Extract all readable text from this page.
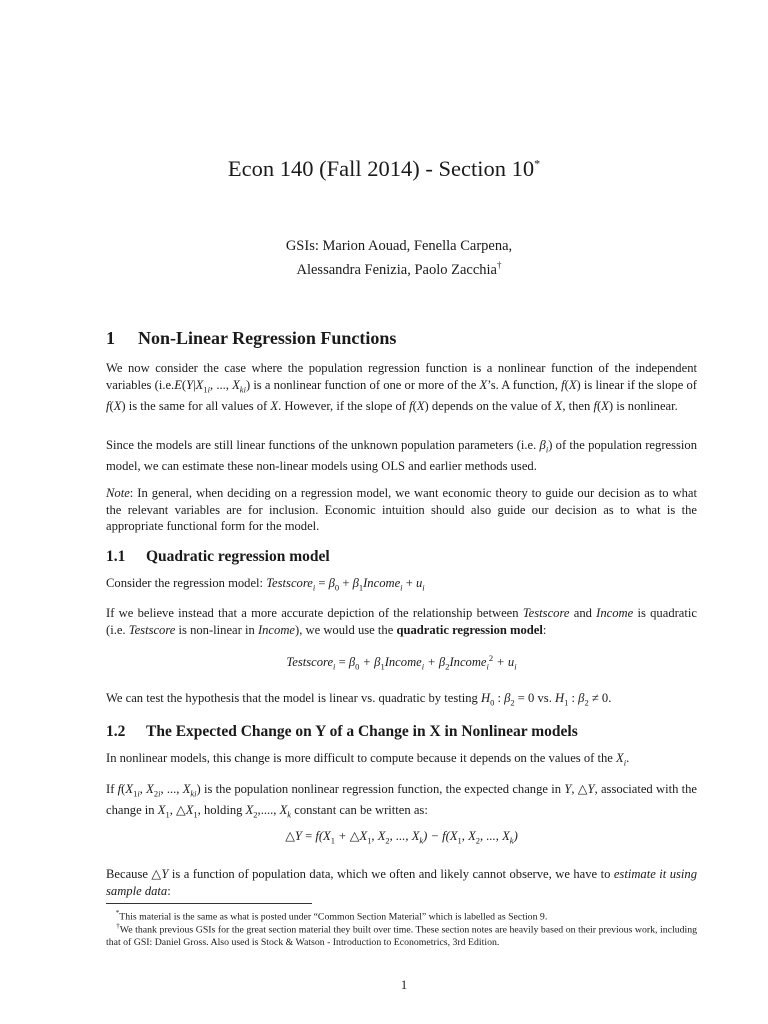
Econ 140 (Fall 2014) - Section 10*
GSIs: Marion Aouad, Fenella Carpena,
Alessandra Fenizia, Paolo Zacchia†
1 Non-Linear Regression Functions
We now consider the case where the population regression function is a nonlinear function of the independent variables ($i.e.E(Y|X_{1i}$, ..., $X_{ki}$) is a nonlinear function of one or more of the X’s. A function, f(X) is linear if the slope of f(X) is the same for all values of X. However, if the slope of f(X) depends on the value of X, then f(X) is nonlinear.
Since the models are still linear functions of the unknown population parameters (i.e. $\beta_i$) of the population regression model, we can estimate these non-linear models using OLS and earlier methods used.
Note: In general, when deciding on a regression model, we want economic theory to guide our decision as to what the relevant variables are for inclusion. Economic intuition should also guide our decision as to what is the appropriate functional form for the model.
1.1 Quadratic regression model
Consider the regression model: Testscore$_i$ = $\beta_0$ + $\beta_1Income_i + u_i$
If we believe instead that a more accurate depiction of the relationship between Testscore and Income is quadratic (i.e. Testscore is non-linear in Income), we would use the quadratic regression model:
Testscore$_i$ = $\beta_0$ + $\beta_1Income_i$ + $\beta_2Income_i^2 + u_i$
We can test the hypothesis that the model is linear vs. quadratic by testing $H_0$ : $\beta_2 = 0$ vs. $H_1$ : $\beta_2 \ne 0$.
1.2 The Expected Change on Y of a Change in X in Nonlinear models
In nonlinear models, this change is more difficult to compute because it depends on the values of the $X_i$.
If $f(X_{1i}$, $X_{2i}$, ..., $X_{ki}$) is the population nonlinear regression function, the expected change in Y, △Y, associated with the change in $X_1$, $\triangle X_1$, holding $X_2$,...., $X_k$ constant can be written as:
△Y = $f(X_1$ + $\triangle X_1$, $X_2$, ..., $X_k) - f(X_1$, $X_2$, ..., $X_k$)
Because △Y is a function of population data, which we often and likely cannot observe, we have to estimate it using sample data:
*This material is the same as what is posted under “Common Section Material” which is labelled as Section 9.
†We thank previous GSIs for the great section material they built over time. These section notes are heavily based on their previous work, including that of GSI: Daniel Gross. Also used is Stock & Watson - Introduction to Econometrics, 3rd Edition.
1
